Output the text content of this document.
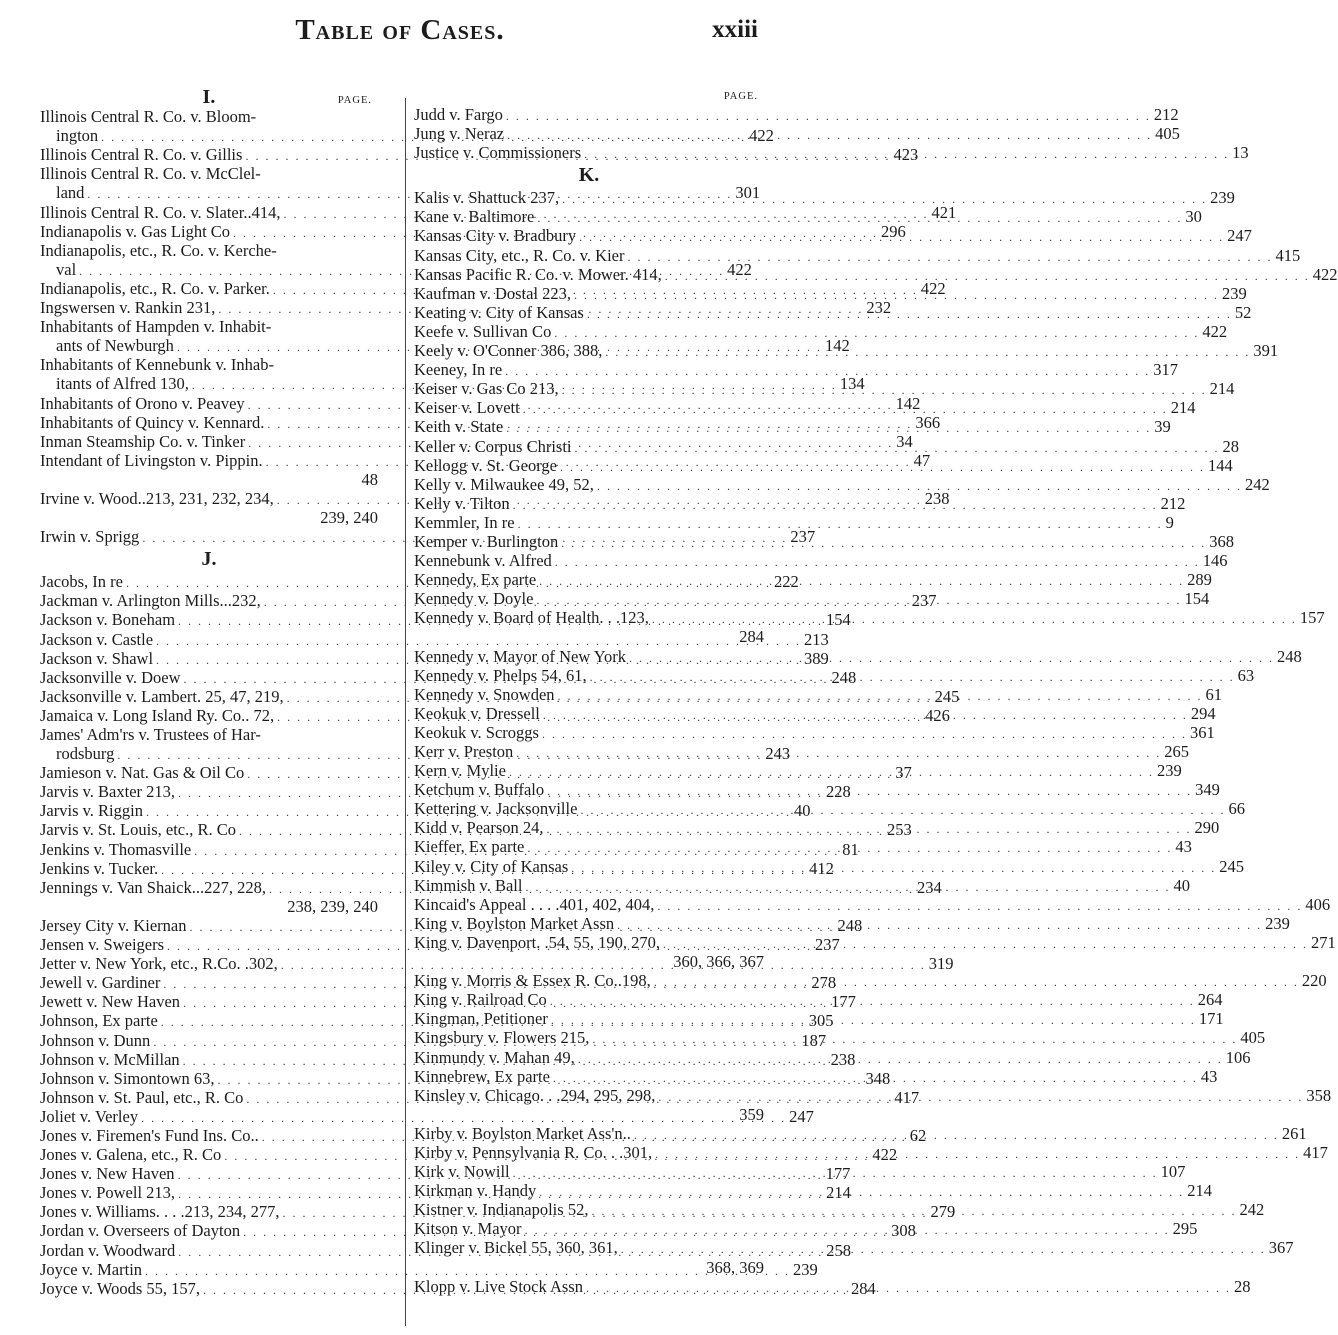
Table of Cases.	xxiii
I.	PAGE.
Illinois Central R. Co. v. Bloom-
ington . . .	422
Illinois Central R. Co. v. Gillis . . .	423
Illinois Central R. Co. v. McClel-
land . . .	301
Illinois Central R. Co. v. Slater..414, . . .	421
Indianapolis v. Gas Light Co . . .	296
Indianapolis, etc., R. Co. v. Kerche-
val . . .	422
Indianapolis, etc., R. Co. v. Parker. . . .	422
Ingswersen v. Rankin 231, . . .	232
Inhabitants of Hampden v. Inhabit-
ants of Newburgh . . .	142
Inhabitants of Kennebunk v. Inhab-
itants of Alfred 130, . . .	134
Inhabitants of Orono v. Peavey . . .	142
Inhabitants of Quincy v. Kennard. . . .	366
Inman Steamship Co. v. Tinker . . .	34
Intendant of Livingston v. Pippin. . . .	47
48
Irvine v. Wood..213, 231, 232, 234, . . .	238
239, 240
Irwin v. Sprigg . . .	237
J.
Jacobs, In re . . .	222
Jackman v. Arlington Mills...232, . . .	237
Jackson v. Boneham . . .	154
Jackson v. Castle . . .	213
Jackson v. Shawl . . .	389
Jacksonville v. Doew . . .	248
Jacksonville v. Lambert. 25, 47, 219, . . .	245
Jamaica v. Long Island Ry. Co.. 72, . . .	426
James' Adm'rs v. Trustees of Har-
rodsburg . . .	243
Jamieson v. Nat. Gas & Oil Co . . .	37
Jarvis v. Baxter 213, . . .	228
Jarvis v. Riggin . . .	40
Jarvis v. St. Louis, etc., R. Co . . .	253
Jenkins v. Thomasville . . .	81
Jenkins v. Tucker. . . .	412
Jennings v. Van Shaick...227, 228, . . .	234
238, 239, 240
Jersey City v. Kiernan . . .	248
Jensen v. Sweigers . . .	237
Jetter v. New York, etc., R.Co. .302, . . .	319
Jewell v. Gardiner . . .	278
Jewett v. New Haven . . .	177
Johnson, Ex parte . . .	305
Johnson v. Dunn . . .	187
Johnson v. McMillan . . .	238
Johnson v. Simontown 63, . . .	348
Johnson v. St. Paul, etc., R. Co . . .	417
Joliet v. Verley . . .	247
Jones v. Firemen's Fund Ins. Co.. . . .	62
Jones v. Galena, etc., R. Co . . .	422
Jones v. New Haven . . .	177
Jones v. Powell 213, . . .	214
Jones v. Williams. . . .213, 234, 277, . . .	279
Jordan v. Overseers of Dayton . . .	308
Jordan v. Woodward . . .	258
Joyce v. Martin . . .	239
Joyce v. Woods 55, 157, . . .	284
PAGE.
Judd v. Fargo . . .	212
Jung v. Neraz . . .	405
Justice v. Commissioners . . .	13
K.
Kalis v. Shattuck 237, . . .	239
Kane v. Baltimore . . .	30
Kansas City v. Bradbury . . .	247
Kansas City, etc., R. Co. v. Kier . . .	415
Kansas Pacific R. Co. v. Mower. 414, . . .	422
Kaufman v. Dostal 223, . . .	239
Keating v. City of Kansas . . .	52
Keefe v. Sullivan Co . . .	422
Keely v. O'Conner 386, 388, . . .	391
Keeney, In re . . .	317
Keiser v. Gas Co 213, . . .	214
Keiser v. Lovett . . .	214
Keith v. State . . .	39
Keller v. Corpus Christi . . .	28
Kellogg v. St. George . . .	144
Kelly v. Milwaukee 49, 52, . . .	242
Kelly v. Tilton . . .	212
Kemmler, In re . . .	9
Kemper v. Burlington . . .	368
Kennebunk v. Alfred . . .	146
Kennedy, Ex parte . . .	289
Kennedy v. Doyle . . .	154
Kennedy v. Board of Health. . .123, . . .	157
284
Kennedy v. Mayor of New York . . .	248
Kennedy v. Phelps 54, 61, . . .	63
Kennedy v. Snowden . . .	61
Keokuk v. Dressell . . .	294
Keokuk v. Scroggs . . .	361
Kerr v. Preston . . .	265
Kern v. Mylie . . .	239
Ketchum v. Buffalo . . .	349
Kettering v. Jacksonville . . .	66
Kidd v. Pearson 24, . . .	290
Kieffer, Ex parte . . .	43
Kiley v. City of Kansas . . .	245
Kimmish v. Ball . . .	40
Kincaid's Appeal . . . .401, 402, 404, . . .	406
King v. Boylston Market Assn . . .	239
King v. Davenport. .54, 55, 190, 270, . . .	271
360, 366, 367
King v. Morris & Essex R. Co..198, . . .	220
King v. Railroad Co . . .	264
Kingman, Petitioner . . .	171
Kingsbury v. Flowers 215, . . .	405
Kinmundy v. Mahan 49, . . .	106
Kinnebrew, Ex parte . . .	43
Kinsley v. Chicago. . .294, 295, 298, . . .	358
359
Kirby v. Boylston Market Ass'n.. . . .	261
Kirby v. Pennsylvania R. Co. . .301, . . .	417
Kirk v. Nowill . . .	107
Kirkman v. Handy . . .	214
Kistner v. Indianapolis 52, . . .	242
Kitson v. Mayor . . .	295
Klinger v. Bickel 55, 360, 361, . . .	367
368, 369
Klopp v. Live Stock Assn . . .	28
